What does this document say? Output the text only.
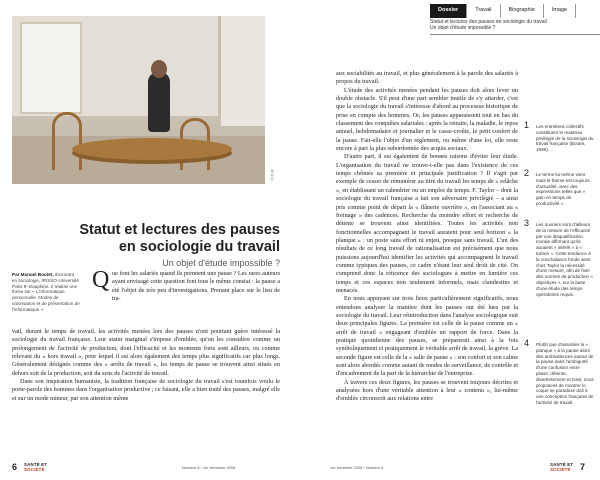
© D.R.
Statut et lectures des pauses
en sociologie du travail
Un objet d'étude impossible ?
Par Manuel Boutet, doctorant en sociologie, IRISSO-Université Paris 9–Dauphine. Il réalise une thèse sur « L'informatique personnelle. Modes de valorisation et de présentation de l'informatique ».
Q ue font les salariés quand ils prennent une pause ? Les rares auteurs ayant envisagé cette question font tous le même constat : la pause a été l'objet de très peu d'investigations. Prenant place sur le lieu de tra-

vail, durant le temps de travail, les activités menées lors des pauses n'ont pourtant guère intéressé la sociologie du travail française. Leur statut marginal s'impose d'emblée, qu'on les considère comme un prolongement de l'activité de production, dont l'efficacité et les moments forts sont ailleurs, ou comme relevant du « hors travail », pour lequel il est alors également des temps plus significatifs car plus longs. Généralement désignés comme des « arrêts de travail », les temps de pause se trouvent ainsi situés en dehors soit de la production, soit du sens de l'activité de travail.

Dans son inspiration humaniste, la tradition française de sociologie du travail s'est toutefois voulu le porte-parole des hommes dans l'organisation productive ; ce faisant, elle a bien traité des pauses, malgré elle et sur un mode mineur, par son attention même

6 SANTÉ ET
SOCIÉTÉ	Numéro 6 / 1er trimestre 2008
Dossier	Travail	Biographie	Image
Statut et lectures des pauses en sociologie du travail
Un objet d'étude impossible ?

aux sociabilités au travail, et plus généralement à la parole des salariés à propos du travail.

L'étude des activités menées pendant les pauses doit alors lever un double obstacle. S'il peut d'une part sembler inutile de s'y attarder, c'est que la sociologie du travail s'intéresse d'abord au processus historique de prise en compte des hommes. Or, les pauses apparaissent tout en bas du classement des conquêtes salariales : après la retraite, la maladie, le repos annuel, hebdomadaire et journalier et le casse-croûte, le petit confort de la pause. Fait-elle l'objet d'un règlement, ou même d'une loi, elle reste encore à part la plus subordonnée des acquis sociaux.

D'autre part, il est également de bonnes raisons d'éviter leur étude. L'organisation du travail ne trouve-t-elle pas dans l'existence de ces temps chômés sa première et principale justification ? Il s'agit par exemple de cesser de rémunérer au titre du travail les temps de « relâche », en établissant un calendrier ou un emploi du temps. F. Taylor – dont la sociologie du travail française a fait son adversaire privilégié – a ainsi pris comme point de départ la « flânerie ouvrière », en l'associant au « freinage » des cadences. Recherche du moindre effort et recherche de détente se trouvent ainsi identifiées. Toutes les activités non fonctionnelles accompagnant le travail auraient pour seul horizon « la planque » : un poste sans effort ni enjeu, presque sans travail. L'un des résultats de ce long travail de rationalisation est précisément que nous puissions aujourd'hui identifier les activités qui accompagnent le travail comme typiques des pauses, ce cadre n'étant leur seul droit de cité. On comprend donc la réticence des sociologues à mettre en lumière ces temps et ces espaces non seulement informels, mais clandestins et menacés.

En nous appuyant sur trois lieux particulièrement significatifs, nous entendons analyser la manière dont les pauses ont été lues par la sociologie du travail. Leur réintroduction dans l'analyse sociologique suit deux principales figures. La première est celle de la pause comme un « arrêt de travail » engageant d'emblée un rapport de force. Dans la pratique quotidienne des pauses, se préparerait ainsi à la fois symboliquement et pratiquement le véritable arrêt de travail, la grève. La seconde figure est celle de la « salle de pause » : son confort et son calme sont alors abordés comme autant de modes de surveillance, de contrôle et d'encadrement de la part de la hiérarchie de l'entreprise.

À travers ces deux figures, les pauses se trouvent toujours décrites et analysées hors d'une véritable attention à leur « contenu », lui-même d'emblée circonscrit aux relations entre

1	Les entretiens collectifs constituent le matériau privilégié de la sociologie du travail française (Boutet, 1995).
2	Le terme lui-même vient mais le thème est toujours d'actualité, avec des expressions telles que « gain en temps de productivité ».
3	Les ouvriers sont d'ailleurs de la mesure de l'efficacité par une disqualification morale affirmant qu'ils auraient « intérêt » à « traîner ». Cette tendance à la nonchalance fonde ainsi chez Taylor la nécessité d'une mesure, afin de fixer des normes de production « objectives », sur la base d'une étude des temps opératoires requis.
4	Plutôt que d'assimiler la « planque » à la pause alors des ambivalences autour de la pause dans l'ambiguïté d'une confusion entre plaisir, détente, divertissement et loisir, nous proposons de montrer lo coque se paradoxe doit à une conception française de l'activité de travail.
1er trimestre 2008 / Numéro 6
SANTÉ ET
SOCIÉTÉ 7
